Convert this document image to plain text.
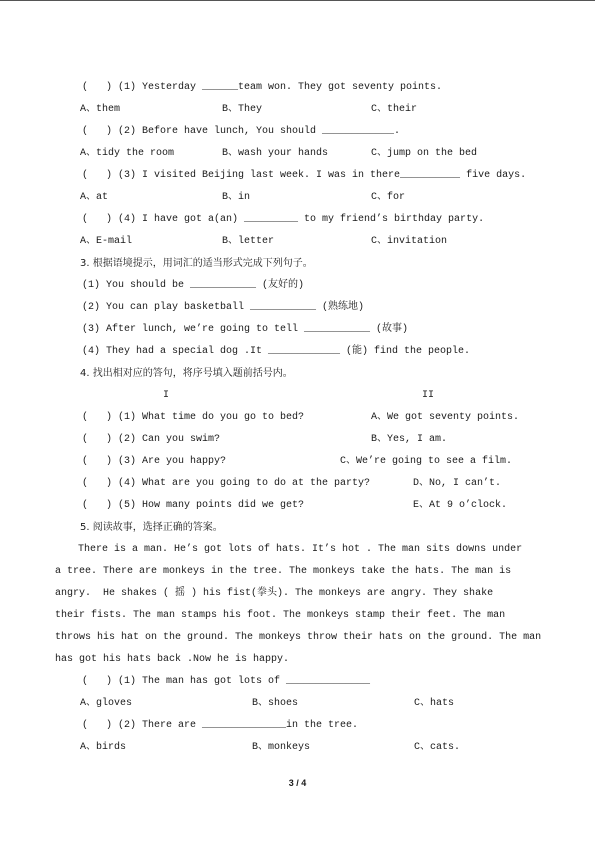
(   ) (1) Yesterday ______team won. They got seventy points.
A、them	B、They	C、their
(   ) (2) Before have lunch, You should ____________.
A、tidy the room	B、wash your hands	C、jump on the bed
(   ) (3) I visited Beijing last week. I was in there__________ five days.
A、at	B、in	C、for
(   ) (4) I have got a(an) _________ to my friend’s birthday party.
A、E-mail	B、letter	C、invitation
3. 根据语境提示，用词汇的适当形式完成下列句子。
(1) You should be ___________ (友好的)
(2) You can play basketball ___________ (熟练地)
(3) After lunch, we’re going to tell ___________ (故事)
(4) They had a special dog .It ____________ (能) find the people.
4. 找出相对应的答句，将序号填入题前括号内。
I	II
(   ) (1) What time do you go to bed?	A、We got seventy points.
(   ) (2) Can you swim?	B、Yes, I am.
(   ) (3) Are you happy?	C、We’re going to see a film.
(   ) (4) What are you going to do at the party?	D、No, I can’t.
(   ) (5) How many points did we get?	E、At 9 o’clock.
5. 阅读故事，选择正确的答案。
There is a man. He’s got lots of hats. It’s hot . The man sits downs under
a tree. There are monkeys in the tree. The monkeys take the hats. The man is
angry.  He shakes ( 摇 ) his fist(拳头). The monkeys are angry. They shake
their fists. The man stamps his foot. The monkeys stamp their feet. The man
throws his hat on the ground. The monkeys throw their hats on the ground. The man
has got his hats back .Now he is happy.
(   ) (1) The man has got lots of ______________
A、gloves	B、shoes	C、hats
(   ) (2) There are ______________in the tree.
A、birds	B、monkeys	C、cats.
3 / 4
